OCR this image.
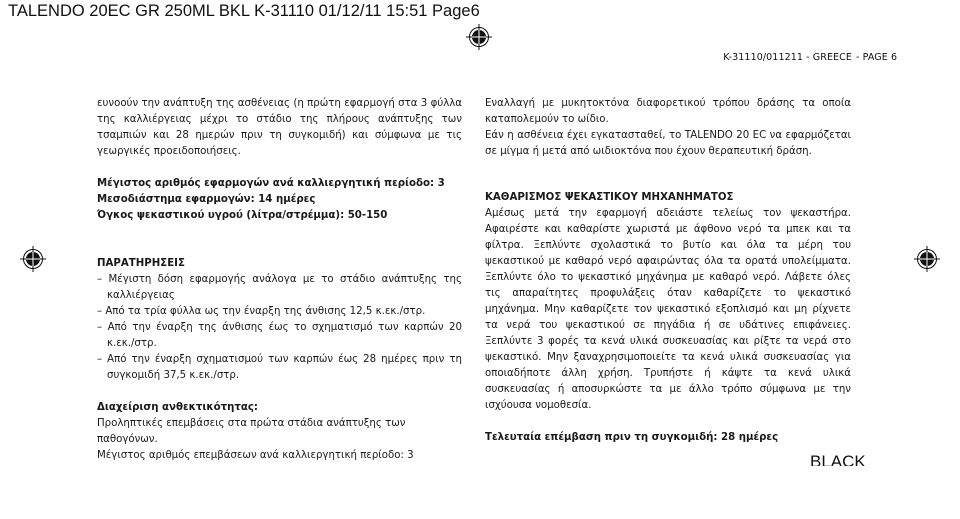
TALENDO 20EC GR 250ML BKL K-31110 01/12/11 15:51 Page6
K-31110/011211 - GREECE - PAGE 6

ευνοούν την ανάπτυξη της ασθένειας (η πρώτη εφαρμογή στα 3 φύλλα της καλλιέργειας μέχρι το στάδιο της πλήρους ανάπτυξης των τσαμπιών και 28 ημερών πριν τη συγκομιδή) και σύμφωνα με τις γεωργικές προειδοποιήσεις.

Μέγιστος αριθμός εφαρμογών ανά καλλιεργητική περίοδο: 3

Μεσοδιάστημα εφαρμογών: 14 ημέρες

Όγκος ψεκαστικού υγρού (λίτρα/στρέμμα): 50-150

ΠΑΡΑΤΗΡΗΣΕΙΣ

– Μέγιστη δόση εφαρμογής ανάλογα με το στάδιο ανάπτυξης της καλλιέργειας

– Από τα τρία φύλλα ως την έναρξη της άνθισης 12,5 κ.εκ./στρ.

– Από την έναρξη της άνθισης έως το σχηματισμό των καρπών 20 κ.εκ./στρ.

– Από την έναρξη σχηματισμού των καρπών έως 28 ημέρες πριν τη συγκομιδή 37,5 κ.εκ./στρ.

Διαχείριση ανθεκτικότητας:

Προληπτικές επεμβάσεις στα πρώτα στάδια ανάπτυξης των παθογόνων.

Μέγιστος αριθμός επεμβάσεων ανά καλλιεργητική περίοδο: 3

Εναλλαγή με μυκητοκτόνα διαφορετικού τρόπου δράσης τα οποία καταπολεμούν το ωίδιο.

Εάν η ασθένεια έχει εγκατασταθεί, το TALENDO 20 EC να εφαρμόζεται σε μίγμα ή μετά από ωιδιοκτόνα που έχουν θεραπευτική δράση.

ΚΑΘΑΡΙΣΜΟΣ ΨΕΚΑΣΤΙΚΟΥ ΜΗΧΑΝΗΜΑΤΟΣ

Αμέσως μετά την εφαρμογή αδειάστε τελείως τον ψεκαστήρα. Αφαιρέστε και καθαρίστε χωριστά με άφθονο νερό τα μπεκ και τα φίλτρα. Ξεπλύντε σχολαστικά το βυτίο και όλα τα μέρη του ψεκαστικού με καθαρό νερό αφαιρώντας όλα τα ορατά υπολείμματα. Ξεπλύντε όλο το ψεκαστικό μηχάνημα με καθαρό νερό. Λάβετε όλες τις απαραίτητες προφυλάξεις όταν καθαρίζετε το ψεκαστικό μηχάνημα. Μην καθαρίζετε τον ψεκαστικό εξοπλισμό και μη ρίχνετε τα νερά του ψεκαστικού σε πηγάδια ή σε υδάτινες επιφάνειες. Ξεπλύντε 3 φορές τα κενά υλικά συσκευασίας και ρίξτε τα νερά στο ψεκαστικό. Μην ξαναχρησιμοποιείτε τα κενά υλικά συσκευασίας για οποιαδήποτε άλλη χρήση. Τρυπήστε ή κάψτε τα κενά υλικά συσκευασίας ή αποσυρκώστε τα με άλλο τρόπο σύμφωνα με την ισχύουσα νομοθεσία.

Τελευταία επέμβαση πριν τη συγκομιδή: 28 ημέρες

BLACK
